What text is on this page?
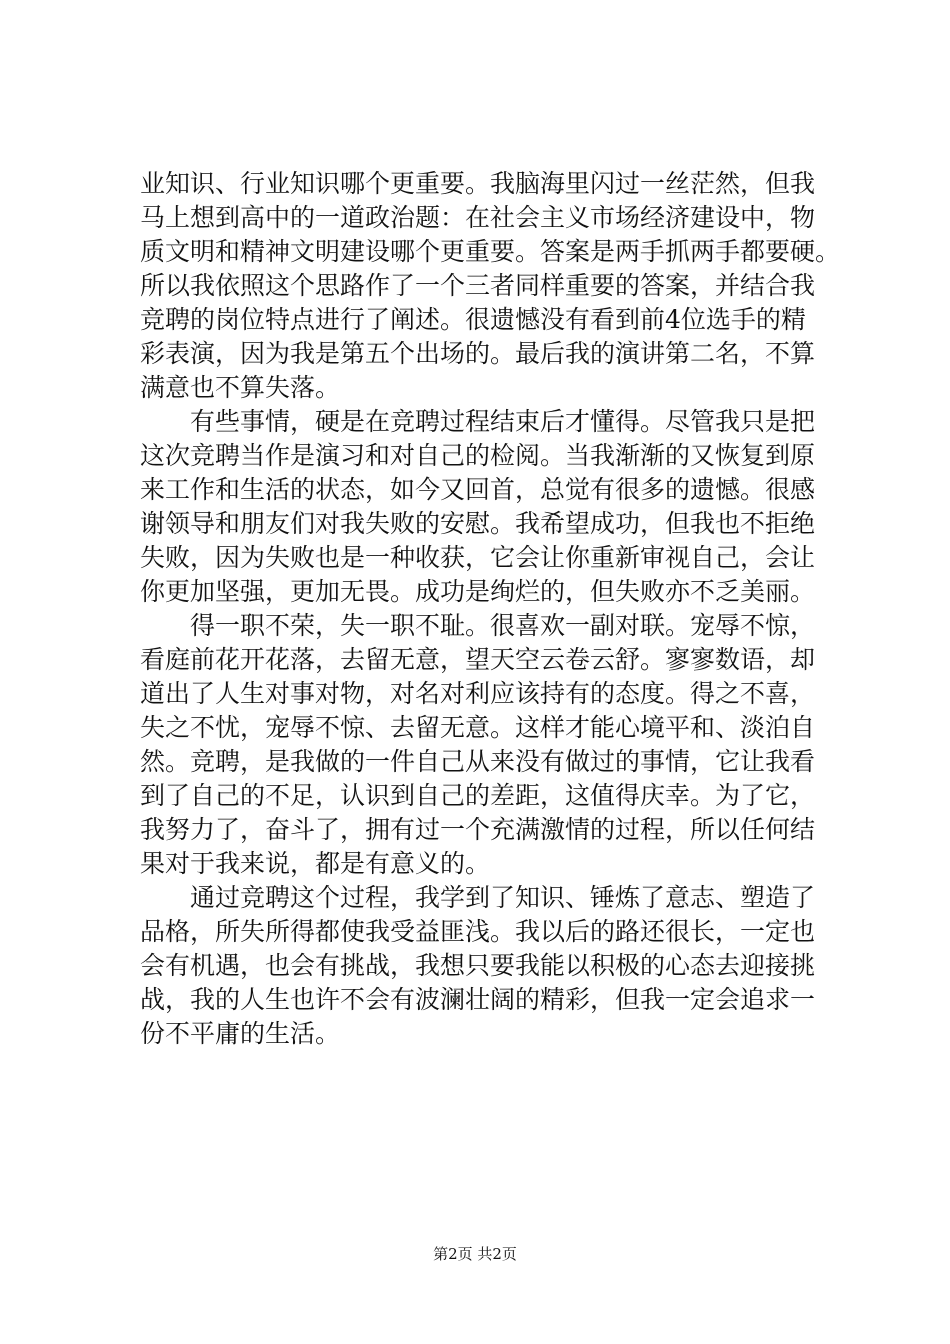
业知识、行业知识哪个更重要。我脑海里闪过一丝茫然，但我
马上想到高中的一道政治题：在社会主义市场经济建设中，物
质文明和精神文明建设哪个更重要。答案是两手抓两手都要硬。
所以我依照这个思路作了一个三者同样重要的答案，并结合我
竞聘的岗位特点进行了阐述。很遗憾没有看到前4位选手的精
彩表演，因为我是第五个出场的。最后我的演讲第二名，不算
满意也不算失落。
　　有些事情，硬是在竞聘过程结束后才懂得。尽管我只是把
这次竞聘当作是演习和对自己的检阅。当我渐渐的又恢复到原
来工作和生活的状态，如今又回首，总觉有很多的遗憾。很感
谢领导和朋友们对我失败的安慰。我希望成功，但我也不拒绝
失败，因为失败也是一种收获，它会让你重新审视自己，会让
你更加坚强，更加无畏。成功是绚烂的，但失败亦不乏美丽。
　　得一职不荣，失一职不耻。很喜欢一副对联。宠辱不惊，
看庭前花开花落，去留无意，望天空云卷云舒。寥寥数语，却
道出了人生对事对物，对名对利应该持有的态度。得之不喜，
失之不忧，宠辱不惊、去留无意。这样才能心境平和、淡泊自
然。竞聘，是我做的一件自己从来没有做过的事情，它让我看
到了自己的不足，认识到自己的差距，这值得庆幸。为了它，
我努力了，奋斗了，拥有过一个充满激情的过程，所以任何结
果对于我来说，都是有意义的。
　　通过竞聘这个过程，我学到了知识、锤炼了意志、塑造了
品格，所失所得都使我受益匪浅。我以后的路还很长，一定也
会有机遇，也会有挑战，我想只要我能以积极的心态去迎接挑
战，我的人生也许不会有波澜壮阔的精彩，但我一定会追求一
份不平庸的生活。
第2页 共2页
